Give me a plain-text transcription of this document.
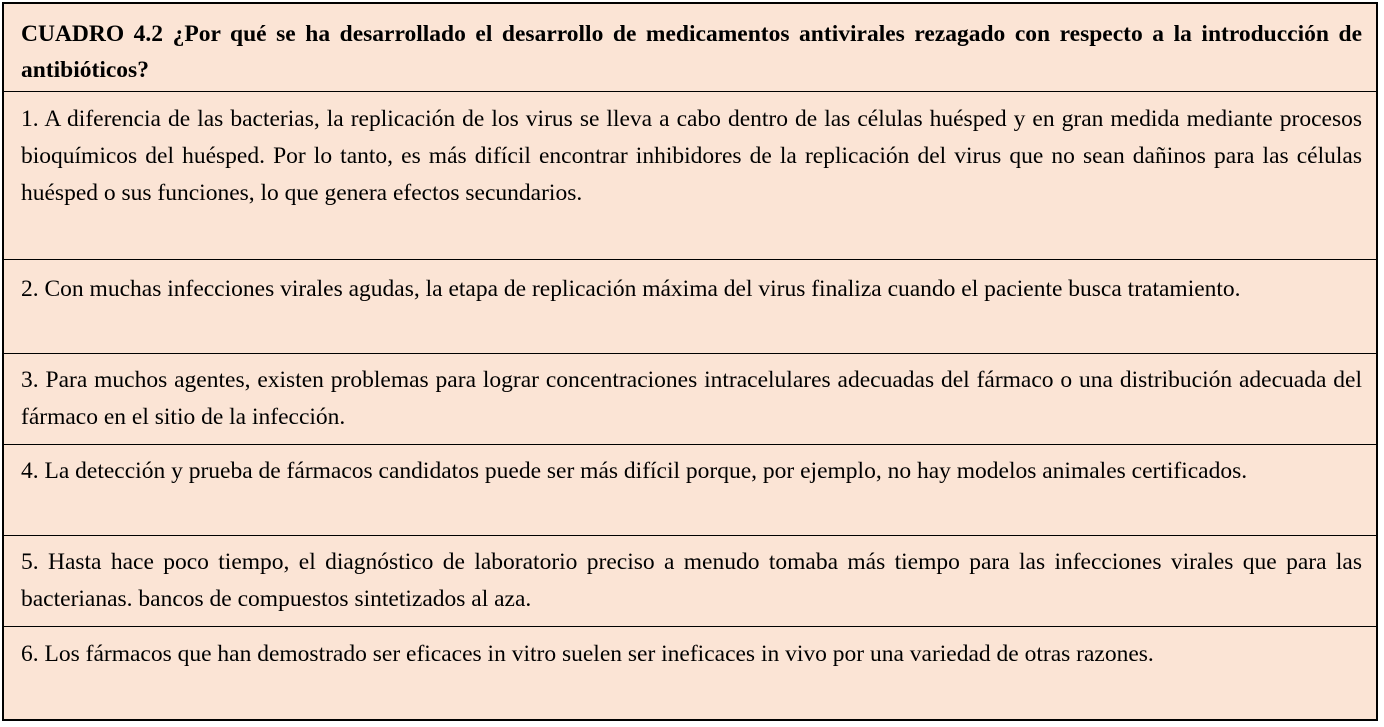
CUADRO 4.2 ¿Por qué se ha desarrollado el desarrollo de medicamentos antivirales rezagado con respecto a la introducción de antibióticos?
1. A diferencia de las bacterias, la replicación de los virus se lleva a cabo dentro de las células huésped y en gran medida mediante procesos bioquímicos del huésped. Por lo tanto, es más difícil encontrar inhibidores de la replicación del virus que no sean dañinos para las células huésped o sus funciones, lo que genera efectos secundarios.
2. Con muchas infecciones virales agudas, la etapa de replicación máxima del virus finaliza cuando el paciente busca tratamiento.
3. Para muchos agentes, existen problemas para lograr concentraciones intracelulares adecuadas del fármaco o una distribución adecuada del fármaco en el sitio de la infección.
4. La detección y prueba de fármacos candidatos puede ser más difícil porque, por ejemplo, no hay modelos animales certificados.
5. Hasta hace poco tiempo, el diagnóstico de laboratorio preciso a menudo tomaba más tiempo para las infecciones virales que para las bacterianas. bancos de compuestos sintetizados al aza.
6. Los fármacos que han demostrado ser eficaces in vitro suelen ser ineficaces in vivo por una variedad de otras razones.
